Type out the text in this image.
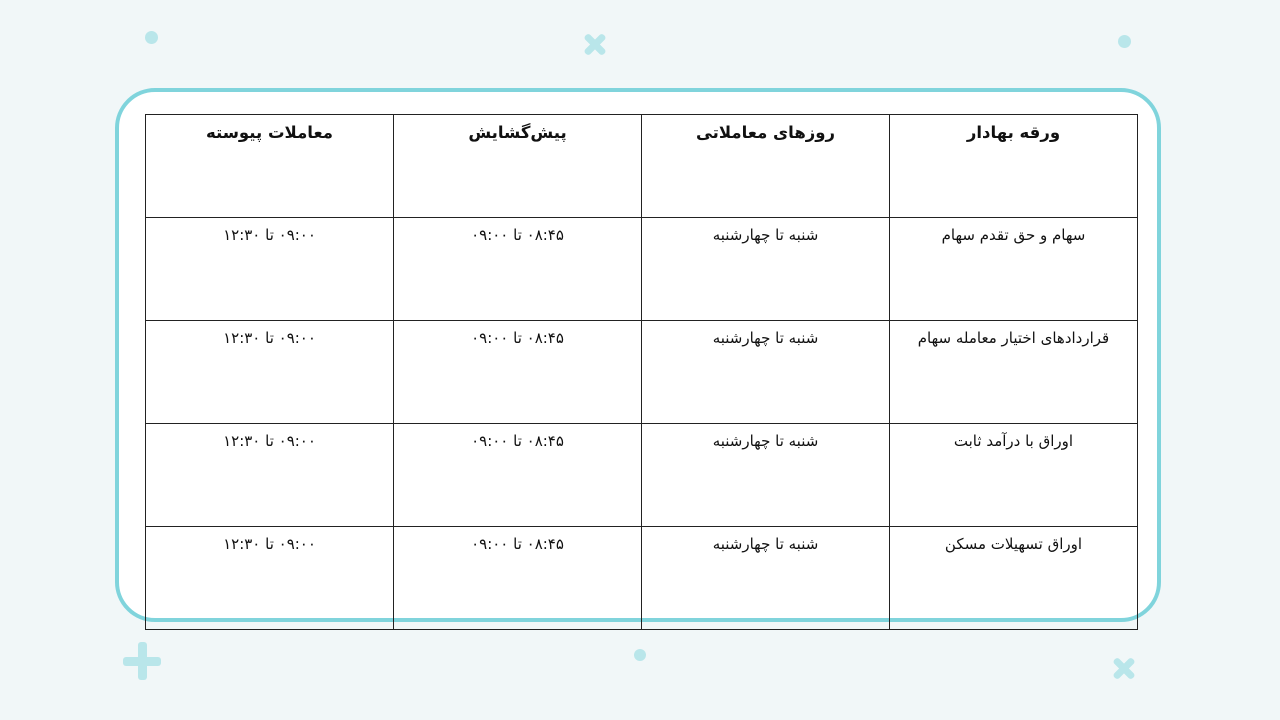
ورقه بهادار	روزهای معاملاتی	پیش‌گشایش	معاملات پیوسته
سهام و حق تقدم سهام	شنبه تا چهارشنبه	۰۸:۴۵ تا ۰۹:۰۰	۰۹:۰۰ تا ۱۲:۳۰
قراردادهای اختیار معامله سهام	شنبه تا چهارشنبه	۰۸:۴۵ تا ۰۹:۰۰	۰۹:۰۰ تا ۱۲:۳۰
اوراق با درآمد ثابت	شنبه تا چهارشنبه	۰۸:۴۵ تا ۰۹:۰۰	۰۹:۰۰ تا ۱۲:۳۰
اوراق تسهیلات مسکن	شنبه تا چهارشنبه	۰۸:۴۵ تا ۰۹:۰۰	۰۹:۰۰ تا ۱۲:۳۰
